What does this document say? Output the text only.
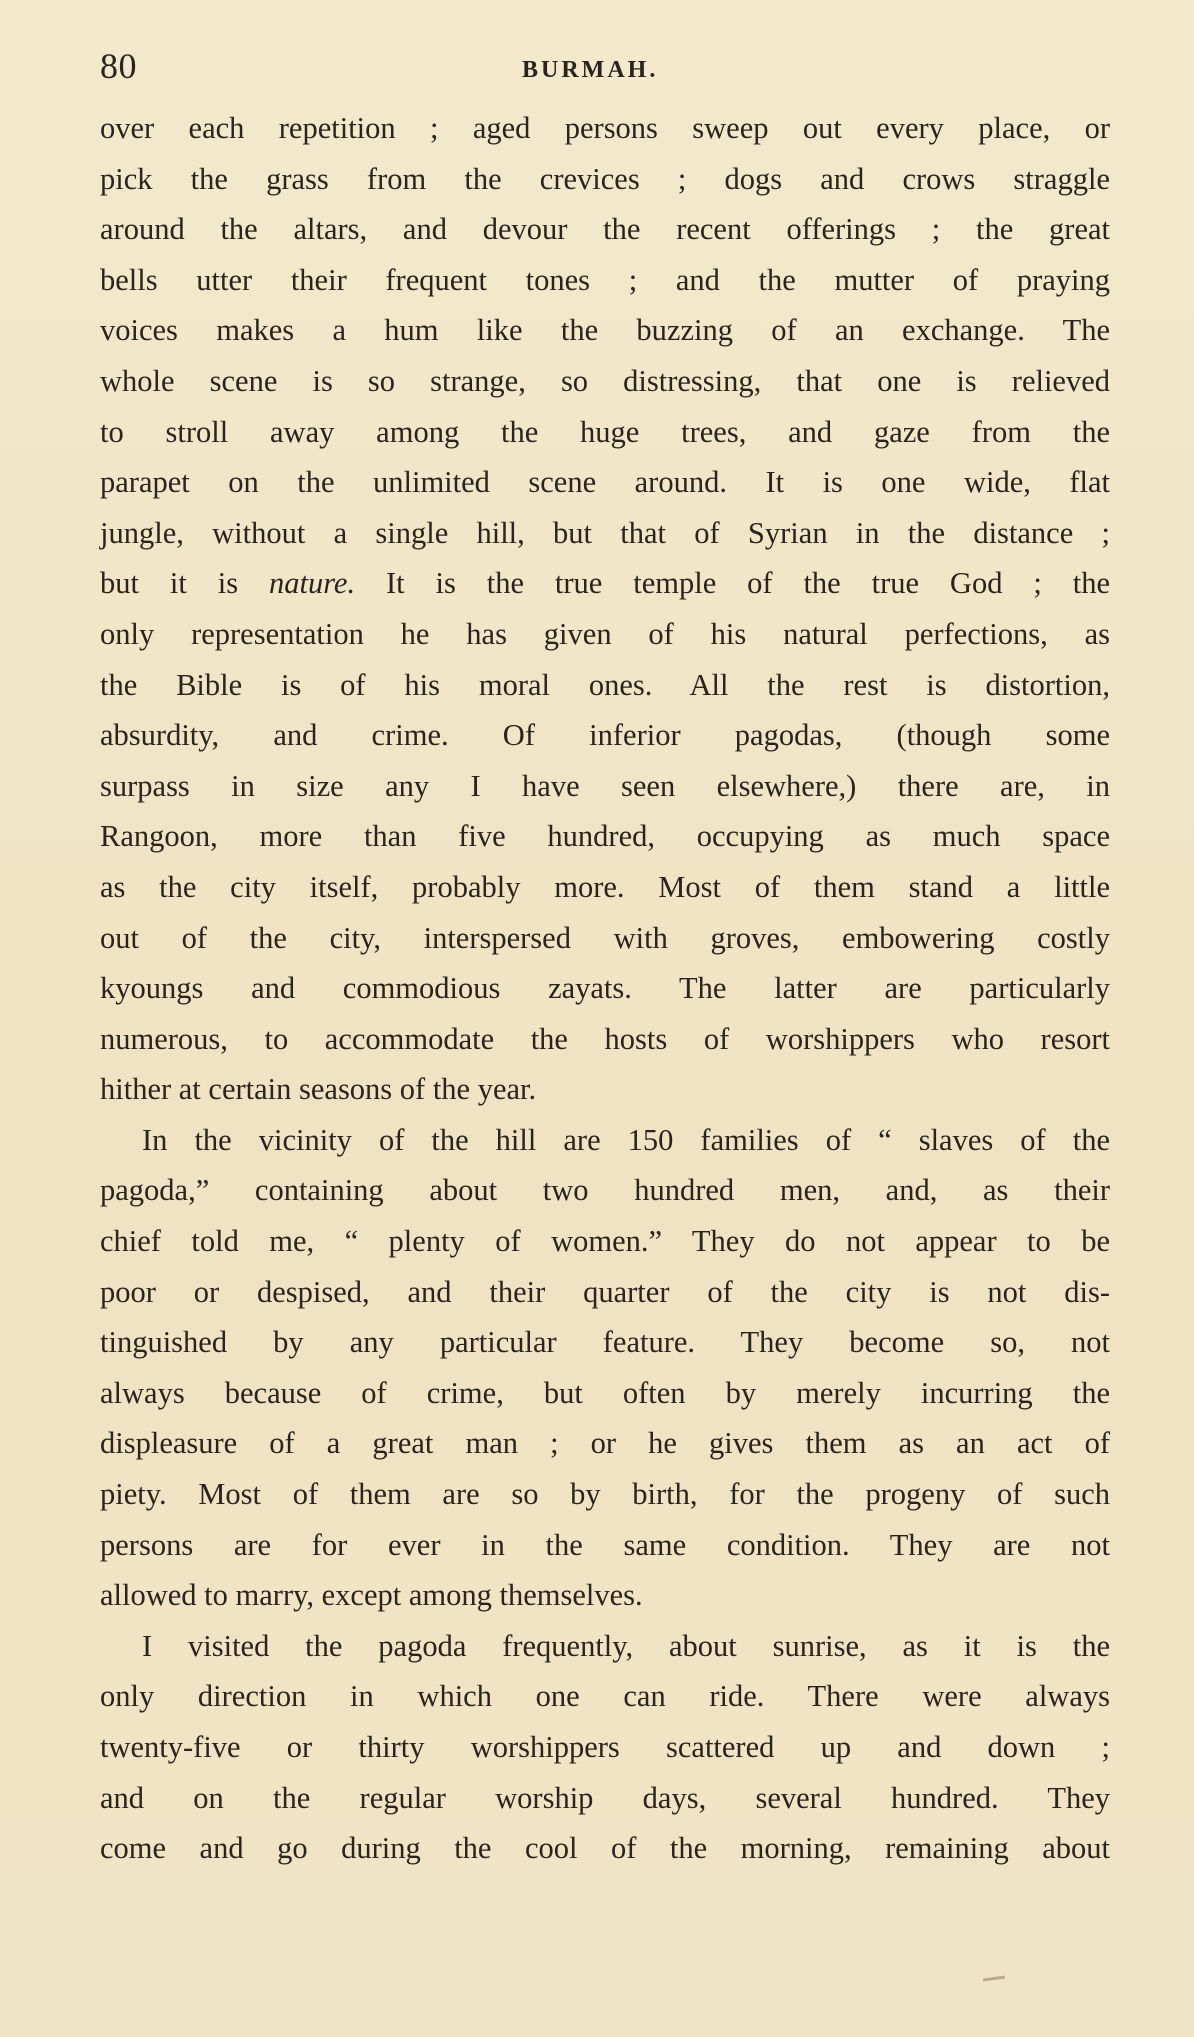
80	BURMAH.
over each repetition ; aged persons sweep out every place, or
pick the grass from the crevices ; dogs and crows straggle
around the altars, and devour the recent offerings ; the great
bells utter their frequent tones ; and the mutter of praying
voices makes a hum like the buzzing of an exchange. The
whole scene is so strange, so distressing, that one is relieved
to stroll away among the huge trees, and gaze from the
parapet on the unlimited scene around. It is one wide, flat
jungle, without a single hill, but that of Syrian in the distance ;
but it is nature. It is the true temple of the true God ; the
only representation he has given of his natural perfections, as
the Bible is of his moral ones. All the rest is distortion,
absurdity, and crime. Of inferior pagodas, (though some
surpass in size any I have seen elsewhere,) there are, in
Rangoon, more than five hundred, occupying as much space
as the city itself, probably more. Most of them stand a little
out of the city, interspersed with groves, embowering costly
kyoungs and commodious zayats. The latter are particularly
numerous, to accommodate the hosts of worshippers who resort
hither at certain seasons of the year.
In the vicinity of the hill are 150 families of “ slaves of the
pagoda,” containing about two hundred men, and, as their
chief told me, “ plenty of women.” They do not appear to be
poor or despised, and their quarter of the city is not dis-
tinguished by any particular feature. They become so, not
always because of crime, but often by merely incurring the
displeasure of a great man ; or he gives them as an act of
piety. Most of them are so by birth, for the progeny of such
persons are for ever in the same condition. They are not
allowed to marry, except among themselves.
I visited the pagoda frequently, about sunrise, as it is the
only direction in which one can ride. There were always
twenty-five or thirty worshippers scattered up and down ;
and on the regular worship days, several hundred. They
come and go during the cool of the morning, remaining about
